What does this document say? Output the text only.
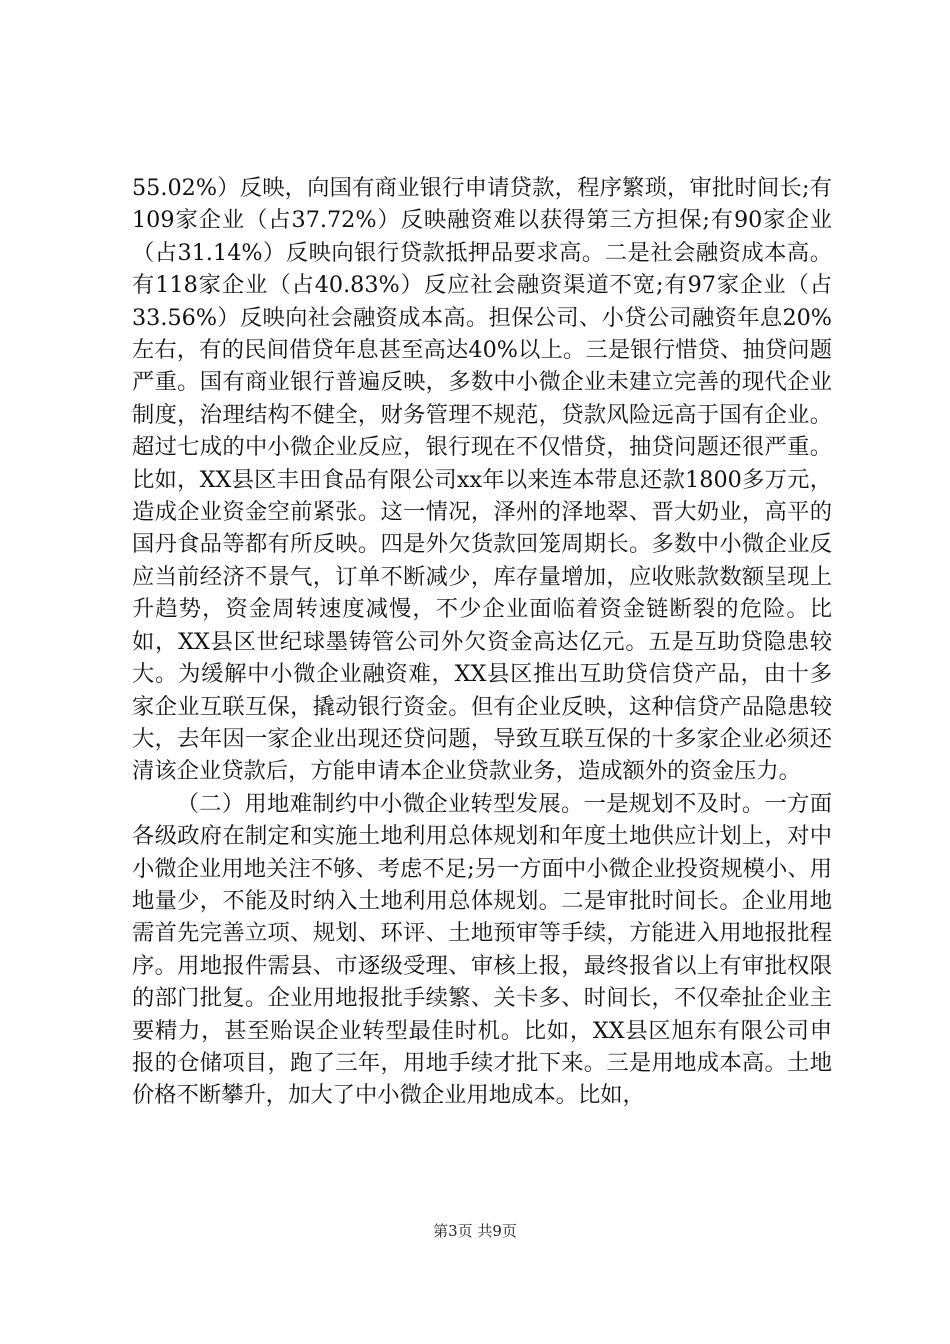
55.02%）反映，向国有商业银行申请贷款，程序繁琐，审批时间长;有109家企业（占37.72%）反映融资难以获得第三方担保;有90家企业（占31.14%）反映向银行贷款抵押品要求高。二是社会融资成本高。有118家企业（占40.83%）反应社会融资渠道不宽;有97家企业（占33.56%）反映向社会融资成本高。担保公司、小贷公司融资年息20%左右，有的民间借贷年息甚至高达40%以上。三是银行惜贷、抽贷问题严重。国有商业银行普遍反映，多数中小微企业未建立完善的现代企业制度，治理结构不健全，财务管理不规范，贷款风险远高于国有企业。超过七成的中小微企业反应，银行现在不仅惜贷，抽贷问题还很严重。比如，XX县区丰田食品有限公司xx年以来连本带息还款1800多万元，造成企业资金空前紧张。这一情况，泽州的泽地翠、晋大奶业，高平的国丹食品等都有所反映。四是外欠货款回笼周期长。多数中小微企业反应当前经济不景气，订单不断减少，库存量增加，应收账款数额呈现上升趋势，资金周转速度减慢，不少企业面临着资金链断裂的危险。比如，XX县区世纪球墨铸管公司外欠资金高达亿元。五是互助贷隐患较大。为缓解中小微企业融资难，XX县区推出互助贷信贷产品，由十多家企业互联互保，撬动银行资金。但有企业反映，这种信贷产品隐患较大，去年因一家企业出现还贷问题，导致互联互保的十多家企业必须还清该企业贷款后，方能申请本企业贷款业务，造成额外的资金压力。

（二）用地难制约中小微企业转型发展。一是规划不及时。一方面各级政府在制定和实施土地利用总体规划和年度土地供应计划上，对中小微企业用地关注不够、考虑不足;另一方面中小微企业投资规模小、用地量少，不能及时纳入土地利用总体规划。二是审批时间长。企业用地需首先完善立项、规划、环评、土地预审等手续，方能进入用地报批程序。用地报件需县、市逐级受理、审核上报，最终报省以上有审批权限的部门批复。企业用地报批手续繁、关卡多、时间长，不仅牵扯企业主要精力，甚至贻误企业转型最佳时机。比如，XX县区旭东有限公司申报的仓储项目，跑了三年，用地手续才批下来。三是用地成本高。土地价格不断攀升，加大了中小微企业用地成本。比如，

第3页 共9页
